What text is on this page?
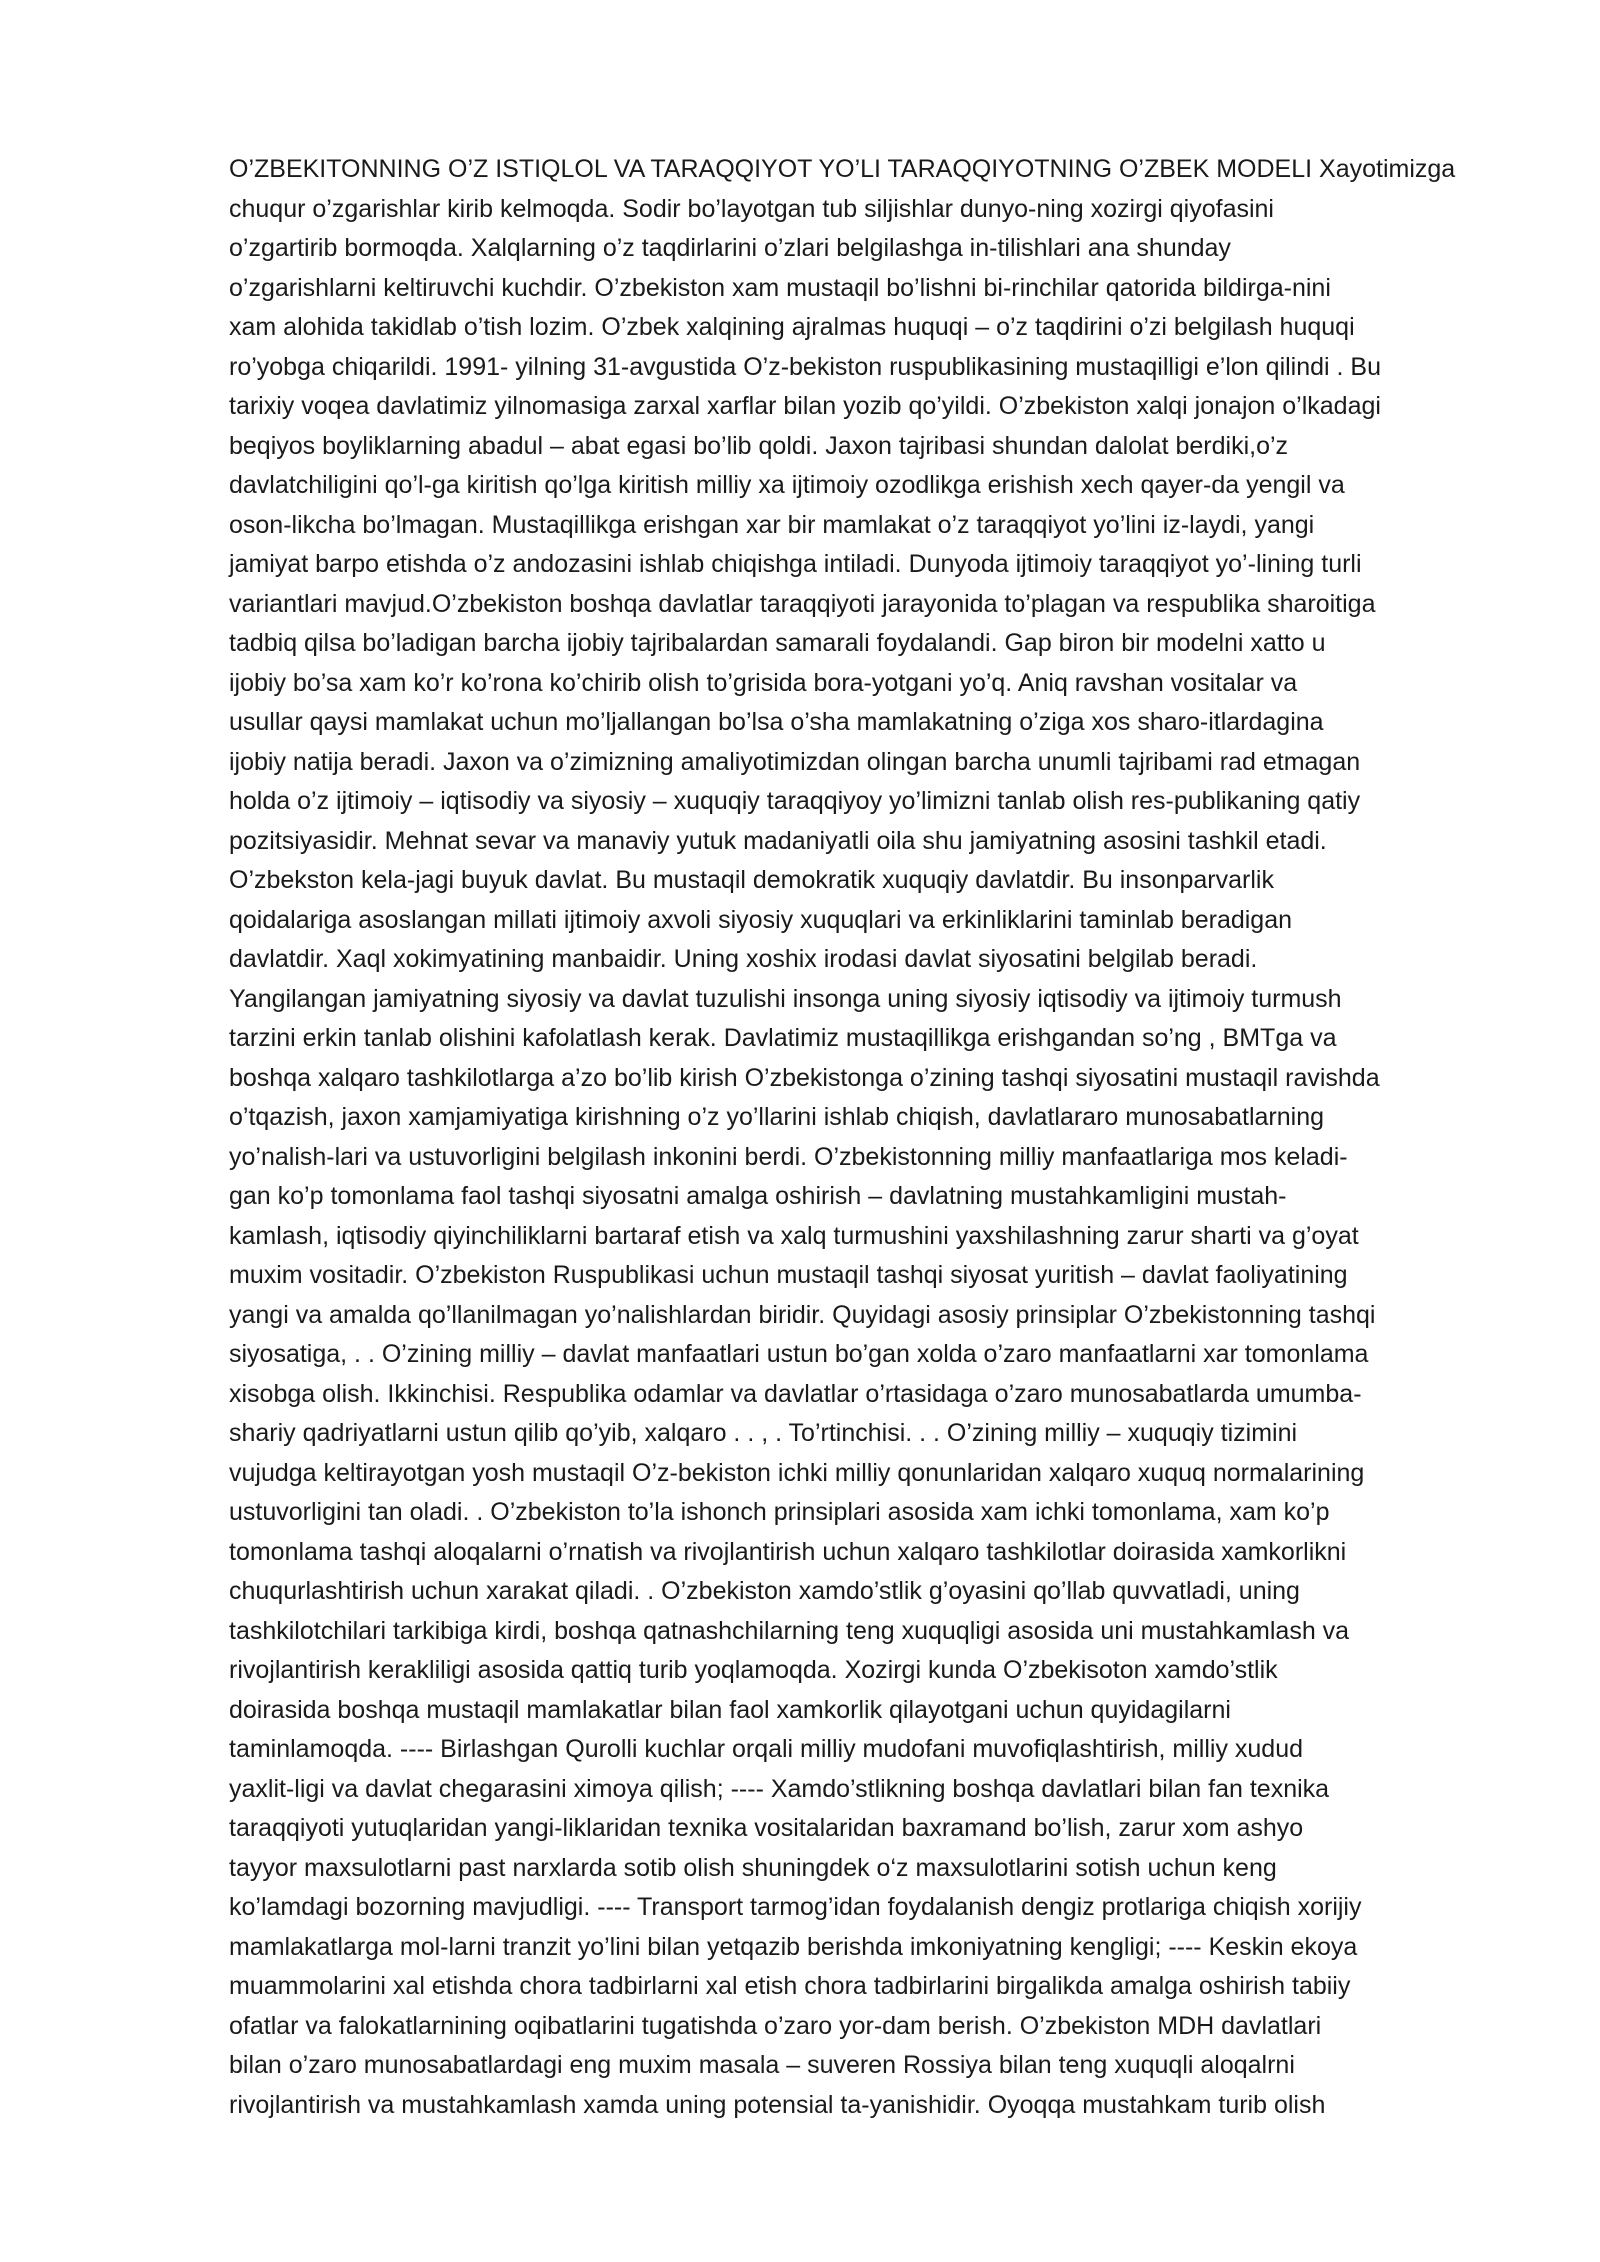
O’ZBEKITONNING O’Z ISTIQLOL VA TARAQQIYOT YO’LI TARAQQIYOTNING O’ZBEK MODELI Xayotimizga
chuqur o’zgarishlar kirib kelmoqda. Sodir bo’layotgan tub siljishlar dunyo-ning xozirgi qiyofasini
o’zgartirib bormoqda. Xalqlarning o’z taqdirlarini o’zlari belgilashga in-tilishlari ana shunday
o’zgarishlarni keltiruvchi kuchdir. O’zbekiston xam mustaqil bo’lishni bi-rinchilar qatorida bildirga-nini
xam alohida takidlab o’tish lozim. O’zbek xalqining ajralmas huquqi – o’z taqdirini o’zi belgilash huquqi
ro’yobga chiqarildi. 1991- yilning 31-avgustida O’z-bekiston ruspublikasining mustaqilligi e’lon qilindi . Bu
tarixiy voqea davlatimiz yilnomasiga zarxal xarflar bilan yozib qo’yildi. O’zbekiston xalqi jonajon o’lkadagi
beqiyos boyliklarning abadul – abat egasi bo’lib qoldi. Jaxon tajribasi shundan dalolat berdiki,o’z
davlatchiligini qo’l-ga kiritish qo’lga kiritish milliy xa ijtimoiy ozodlikga erishish xech qayer-da yengil va
oson-likcha bo’lmagan. Mustaqillikga erishgan xar bir mamlakat o’z taraqqiyot yo’lini iz-laydi, yangi
jamiyat barpo etishda o’z andozasini ishlab chiqishga intiladi. Dunyoda ijtimoiy taraqqiyot yo’-lining turli
variantlari mavjud.O’zbekiston boshqa davlatlar taraqqiyoti jarayonida to’plagan va respublika sharoitiga
tadbiq qilsa bo’ladigan barcha ijobiy tajribalardan samarali foydalandi. Gap biron bir modelni xatto u
ijobiy bo’sa xam ko’r ko’rona ko’chirib olish to’grisida bora-yotgani yo’q. Aniq ravshan vositalar va
usullar qaysi mamlakat uchun mo’ljallangan bo’lsa o’sha mamlakatning o’ziga xos sharo-itlardagina
ijobiy natija beradi. Jaxon va o’zimizning amaliyotimizdan olingan barcha unumli tajribami rad etmagan
holda o’z ijtimoiy – iqtisodiy va siyosiy – xuquqiy taraqqiyoy yo’limizni tanlab olish res-publikaning qatiy
pozitsiyasidir. Mehnat sevar va manaviy yutuk madaniyatli oila shu jamiyatning asosini tashkil etadi.
O’zbekston kela-jagi buyuk davlat. Bu mustaqil demokratik xuquqiy davlatdir. Bu insonparvarlik
qoidalariga asoslangan millati ijtimoiy axvoli siyosiy xuquqlari va erkinliklarini taminlab beradigan
davlatdir. Xaql xokimyatining manbaidir. Uning xoshix irodasi davlat siyosatini belgilab beradi.
Yangilangan jamiyatning siyosiy va davlat tuzulishi insonga uning siyosiy iqtisodiy va ijtimoiy turmush
tarzini erkin tanlab olishini kafolatlash kerak. Davlatimiz mustaqillikga erishgandan so’ng , BMTga va
boshqa xalqaro tashkilotlarga a’zo bo’lib kirish O’zbekistonga o’zining tashqi siyosatini mustaqil ravishda
o’tqazish, jaxon xamjamiyatiga kirishning o’z yo’llarini ishlab chiqish, davlatlararo munosabatlarning
yo’nalish-lari va ustuvorligini belgilash inkonini berdi. O’zbekistonning milliy manfaatlariga mos keladi-
gan ko’p tomonlama faol tashqi siyosatni amalga oshirish – davlatning mustahkamligini mustah-
kamlash, iqtisodiy qiyinchiliklarni bartaraf etish va xalq turmushini yaxshilashning zarur sharti va g’oyat
muxim vositadir. O’zbekiston Ruspublikasi uchun mustaqil tashqi siyosat yuritish – davlat faoliyatining
yangi va amalda qo’llanilmagan yo’nalishlardan biridir. Quyidagi asosiy prinsiplar O’zbekistonning tashqi
siyosatiga, . . O’zining milliy – davlat manfaatlari ustun bo’gan xolda o’zaro manfaatlarni xar tomonlama
xisobga olish. Ikkinchisi. Respublika odamlar va davlatlar o’rtasidaga o’zaro munosabatlarda umumba-
shariy qadriyatlarni ustun qilib qo’yib, xalqaro . . , . To’rtinchisi. . . O’zining milliy – xuquqiy tizimini
vujudga keltirayotgan yosh mustaqil O’z-bekiston ichki milliy qonunlaridan xalqaro xuquq normalarining
ustuvorligini tan oladi. . O’zbekiston to’la ishonch prinsiplari asosida xam ichki tomonlama, xam ko’p
tomonlama tashqi aloqalarni o’rnatish va rivojlantirish uchun xalqaro tashkilotlar doirasida xamkorlikni
chuqurlashtirish uchun xarakat qiladi. . O’zbekiston xamdo’stlik g’oyasini qo’llab quvvatladi, uning
tashkilotchilari tarkibiga kirdi, boshqa qatnashchilarning teng xuquqligi asosida uni mustahkamlash va
rivojlantirish kerakliligi asosida qattiq turib yoqlamoqda. Xozirgi kunda O’zbekisoton xamdo’stlik
doirasida boshqa mustaqil mamlakatlar bilan faol xamkorlik qilayotgani uchun quyidagilarni
taminlamoqda. ---- Birlashgan Qurolli kuchlar orqali milliy mudofani muvofiqlashtirish, milliy xudud
yaxlit-ligi va davlat chegarasini ximoya qilish; ---- Xamdo’stlikning boshqa davlatlari bilan fan texnika
taraqqiyoti yutuqlaridan yangi-liklaridan texnika vositalaridan baxramand bo’lish, zarur xom ashyo
tayyor maxsulotlarni past narxlarda sotib olish shuningdek o‘z maxsulotlarini sotish uchun keng
ko’lamdagi bozorning mavjudligi. ---- Transport tarmog’idan foydalanish dengiz protlariga chiqish xorijiy
mamlakatlarga mol-larni tranzit yo’lini bilan yetqazib berishda imkoniyatning kengligi; ---- Keskin ekoya
muammolarini xal etishda chora tadbirlarni xal etish chora tadbirlarini birgalikda amalga oshirish tabiiy
ofatlar va falokatlarnining oqibatlarini tugatishda o’zaro yor-dam berish. O’zbekiston MDH davlatlari
bilan o’zaro munosabatlardagi eng muxim masala – suveren Rossiya bilan teng xuquqli aloqalrni
rivojlantirish va mustahkamlash xamda uning potensial ta-yanishidir. Oyoqqa mustahkam turib olish
